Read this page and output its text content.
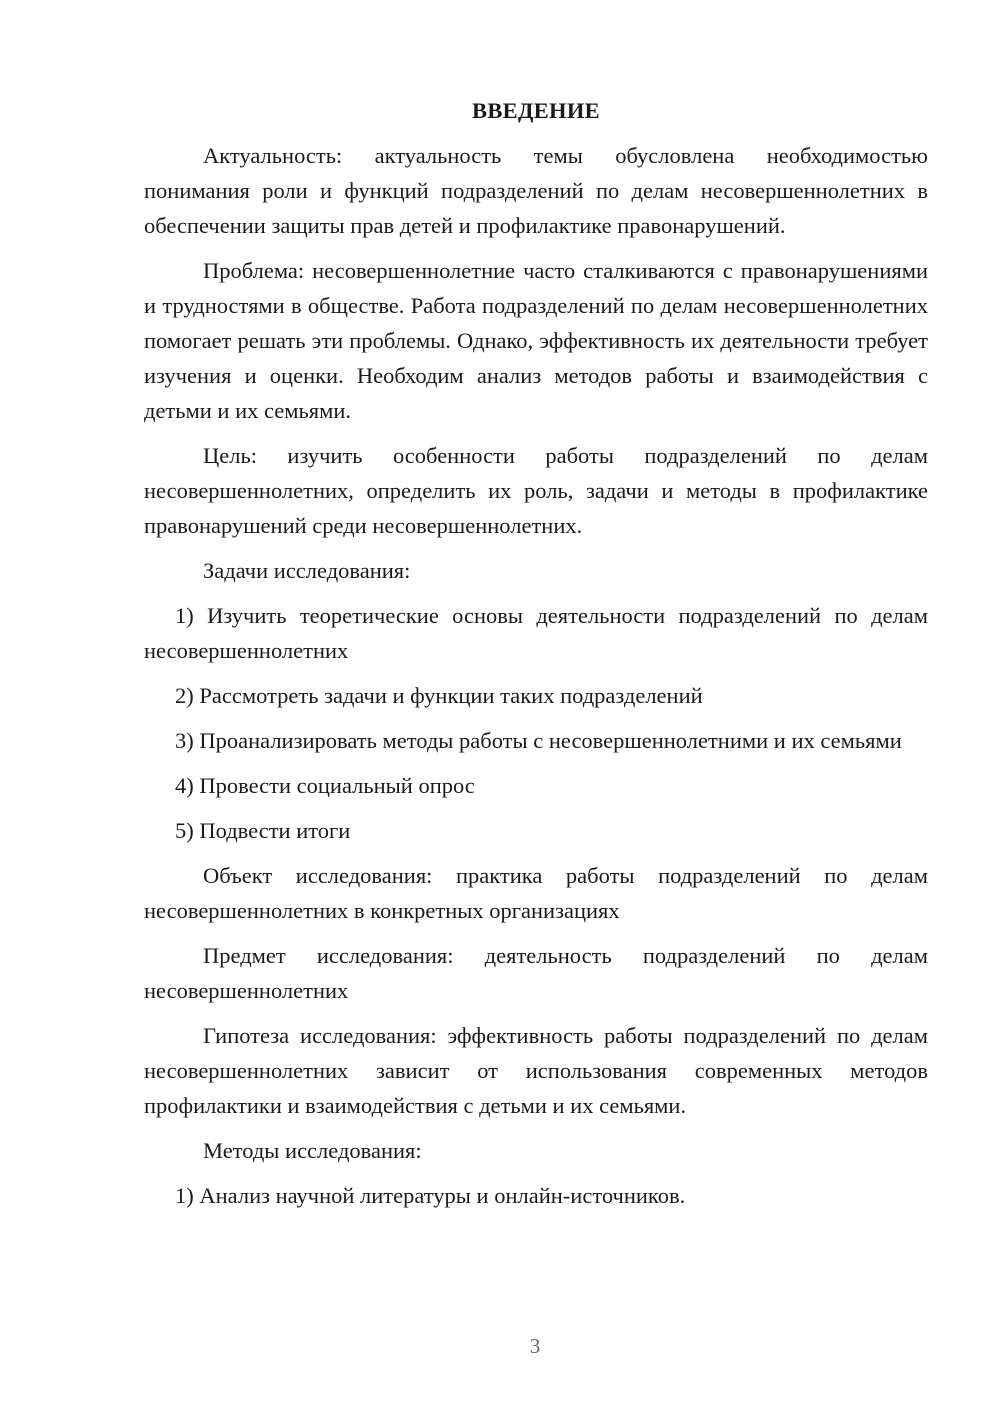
ВВЕДЕНИЕ
Актуальность: актуальность темы обусловлена необходимостью понимания роли и функций подразделений по делам несовершеннолетних в обеспечении защиты прав детей и профилактике правонарушений.
Проблема: несовершеннолетние часто сталкиваются с правонарушениями и трудностями в обществе. Работа подразделений по делам несовершеннолетних помогает решать эти проблемы. Однако, эффективность их деятельности требует изучения и оценки. Необходим анализ методов работы и взаимодействия с детьми и их семьями.
Цель: изучить особенности работы подразделений по делам несовершеннолетних, определить их роль, задачи и методы в профилактике правонарушений среди несовершеннолетних.
Задачи исследования:
1) Изучить теоретические основы деятельности подразделений по делам несовершеннолетних
2) Рассмотреть задачи и функции таких подразделений
3) Проанализировать методы работы с несовершеннолетними и их семьями
4) Провести социальный опрос
5) Подвести итоги
Объект исследования: практика работы подразделений по делам несовершеннолетних в конкретных организациях
Предмет исследования: деятельность подразделений по делам несовершеннолетних
Гипотеза исследования: эффективность работы подразделений по делам несовершеннолетних зависит от использования современных методов профилактики и взаимодействия с детьми и их семьями.
Методы исследования:
1) Анализ научной литературы и онлайн-источников.
3
